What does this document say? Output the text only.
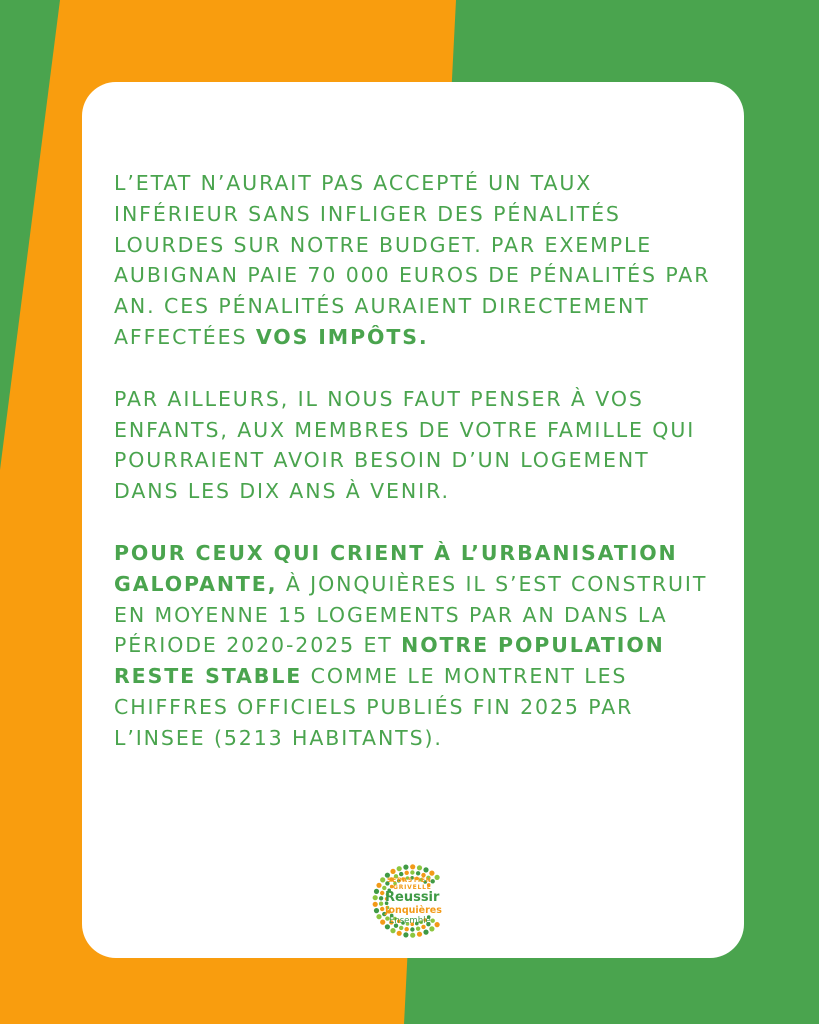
L’ETAT N’AURAIT PAS ACCEPTÉ UN TAUX INFÉRIEUR SANS INFLIGER DES PÉNALITÉS LOURDES SUR NOTRE BUDGET. PAR EXEMPLE AUBIGNAN PAIE 70 000 EUROS DE PÉNALITÉS PAR AN. CES PÉNALITÉS AURAIENT DIRECTEMENT AFFECTÉES VOS IMPÔTS.

PAR AILLEURS, IL NOUS FAUT PENSER À VOS ENFANTS, AUX MEMBRES DE VOTRE FAMILLE QUI POURRAIENT AVOIR BESOIN D’UN LOGEMENT DANS LES DIX ANS À VENIR.

POUR CEUX QUI CRIENT À L’URBANISATION GALOPANTE, À JONQUIÈRES IL S’EST CONSTRUIT EN MOYENNE 15 LOGEMENTS PAR AN DANS LA PÉRIODE 2020-2025 ET NOTRE POPULATION RESTE STABLE COMME LE MONTRENT LES CHIFFRES OFFICIELS PUBLIÉS FIN 2025 PAR L’INSEE (5213 HABITANTS).

SEBASTIEN
GRIVELLE
Reussir
Jonquières
Ensemble
